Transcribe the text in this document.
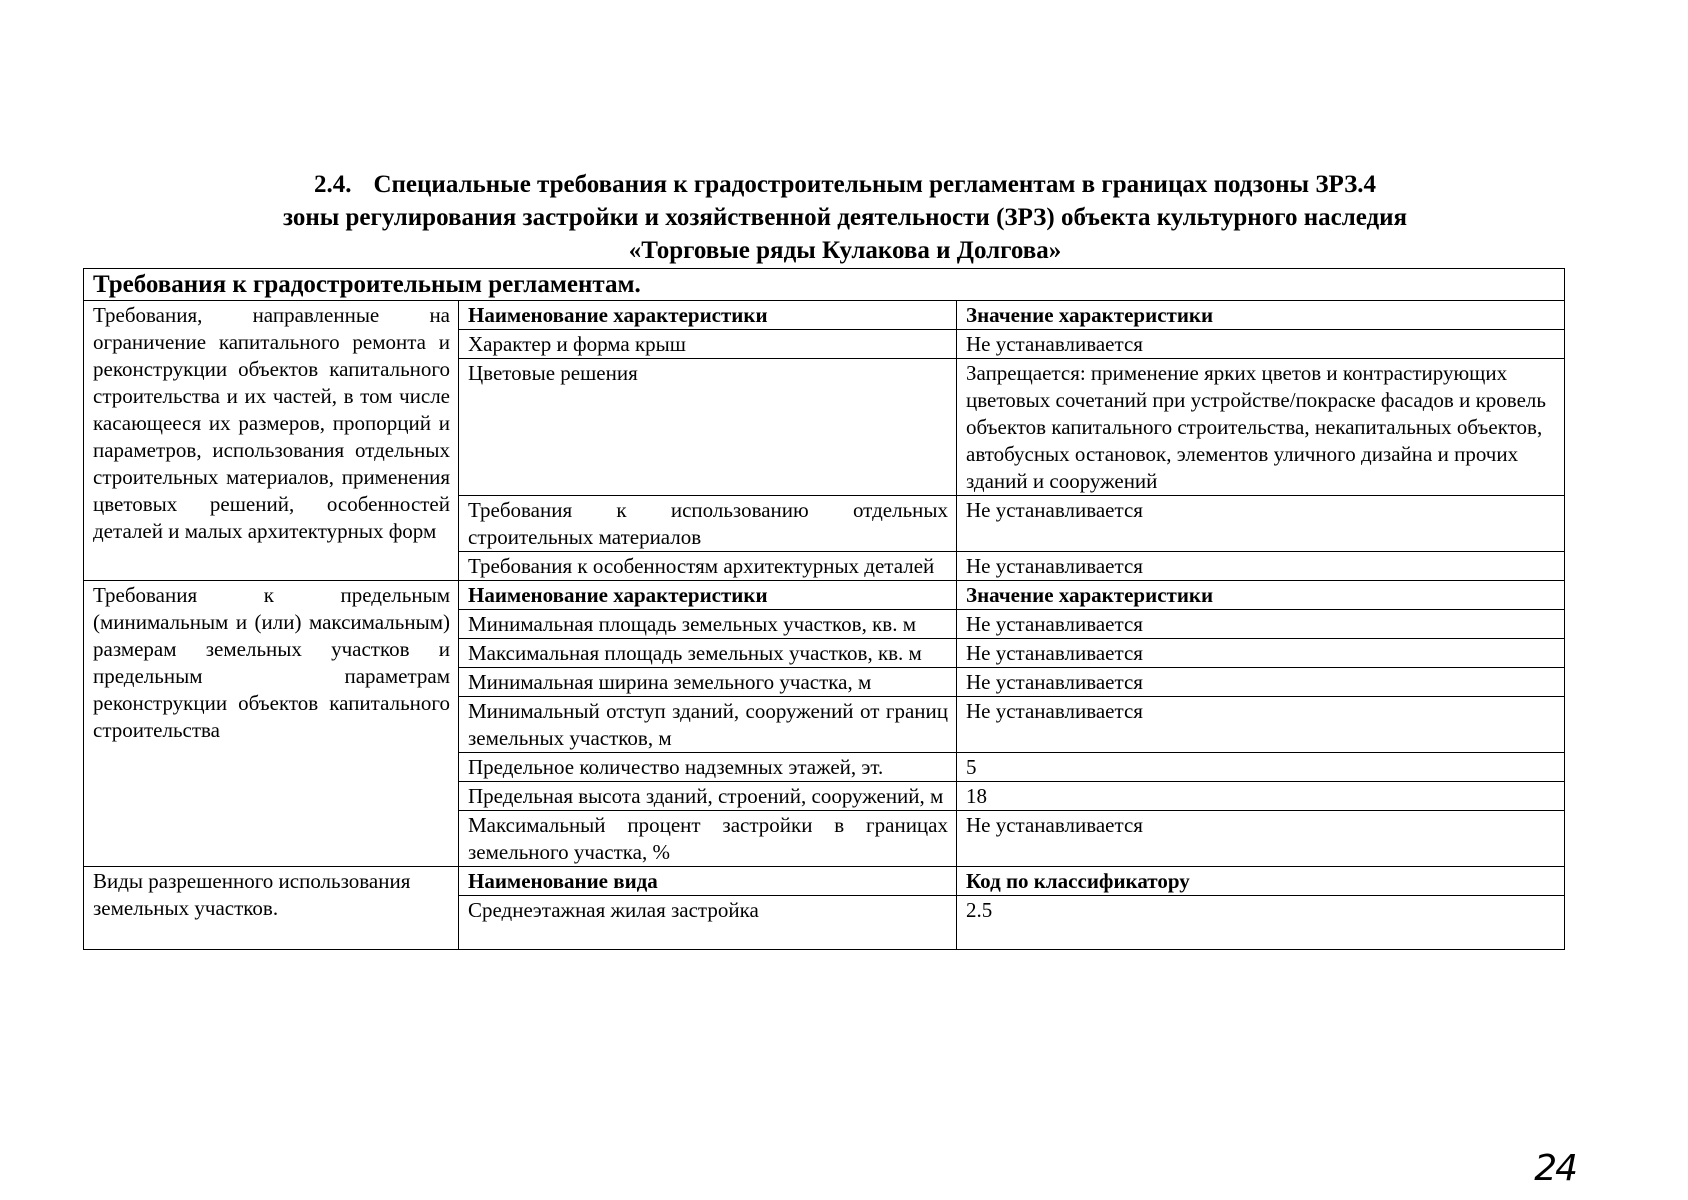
2.4. Специальные требования к градостроительным регламентам в границах подзоны ЗРЗ.4
зоны регулирования застройки и хозяйственной деятельности (ЗРЗ) объекта культурного наследия
«Торговые ряды Кулакова и Долгова»
Требования к градостроительным регламентам.		
Требования, направленные на ограничение капитального ремонта и реконструкции объектов капитального строительства и их частей, в том числе касающееся их размеров, пропорций и параметров, использования отдельных строительных материалов, применения цветовых решений, особенностей деталей и малых архитектурных форм	Наименование характеристики	Значение характеристики
	Характер и форма крыш	Не устанавливается
	Цветовые решения	Запрещается: применение ярких цветов и контрастирующих цветовых сочетаний при устройстве/покраске фасадов и кровель объектов капитального строительства, некапитальных объектов, автобусных остановок, элементов уличного дизайна и прочих зданий и сооружений
	Требования к использованию отдельных строительных материалов	Не устанавливается
	Требования к особенностям архитектурных деталей	Не устанавливается
Требования к предельным (минимальным и (или) максимальным) размерам земельных участков и предельным параметрам реконструкции объектов капитального строительства	Наименование характеристики	Значение характеристики
	Минимальная площадь земельных участков, кв. м	Не устанавливается
	Максимальная площадь земельных участков, кв. м	Не устанавливается
	Минимальная ширина земельного участка, м	Не устанавливается
	Минимальный отступ зданий, сооружений от границ земельных участков, м	Не устанавливается
	Предельное количество надземных этажей, эт.	5
	Предельная высота зданий, строений, сооружений, м	18
	Максимальный процент застройки в границах земельного участка, %	Не устанавливается
Виды разрешенного использования земельных участков.	Наименование вида	Код по классификатору
	Среднеэтажная жилая застройка	2.5
24
